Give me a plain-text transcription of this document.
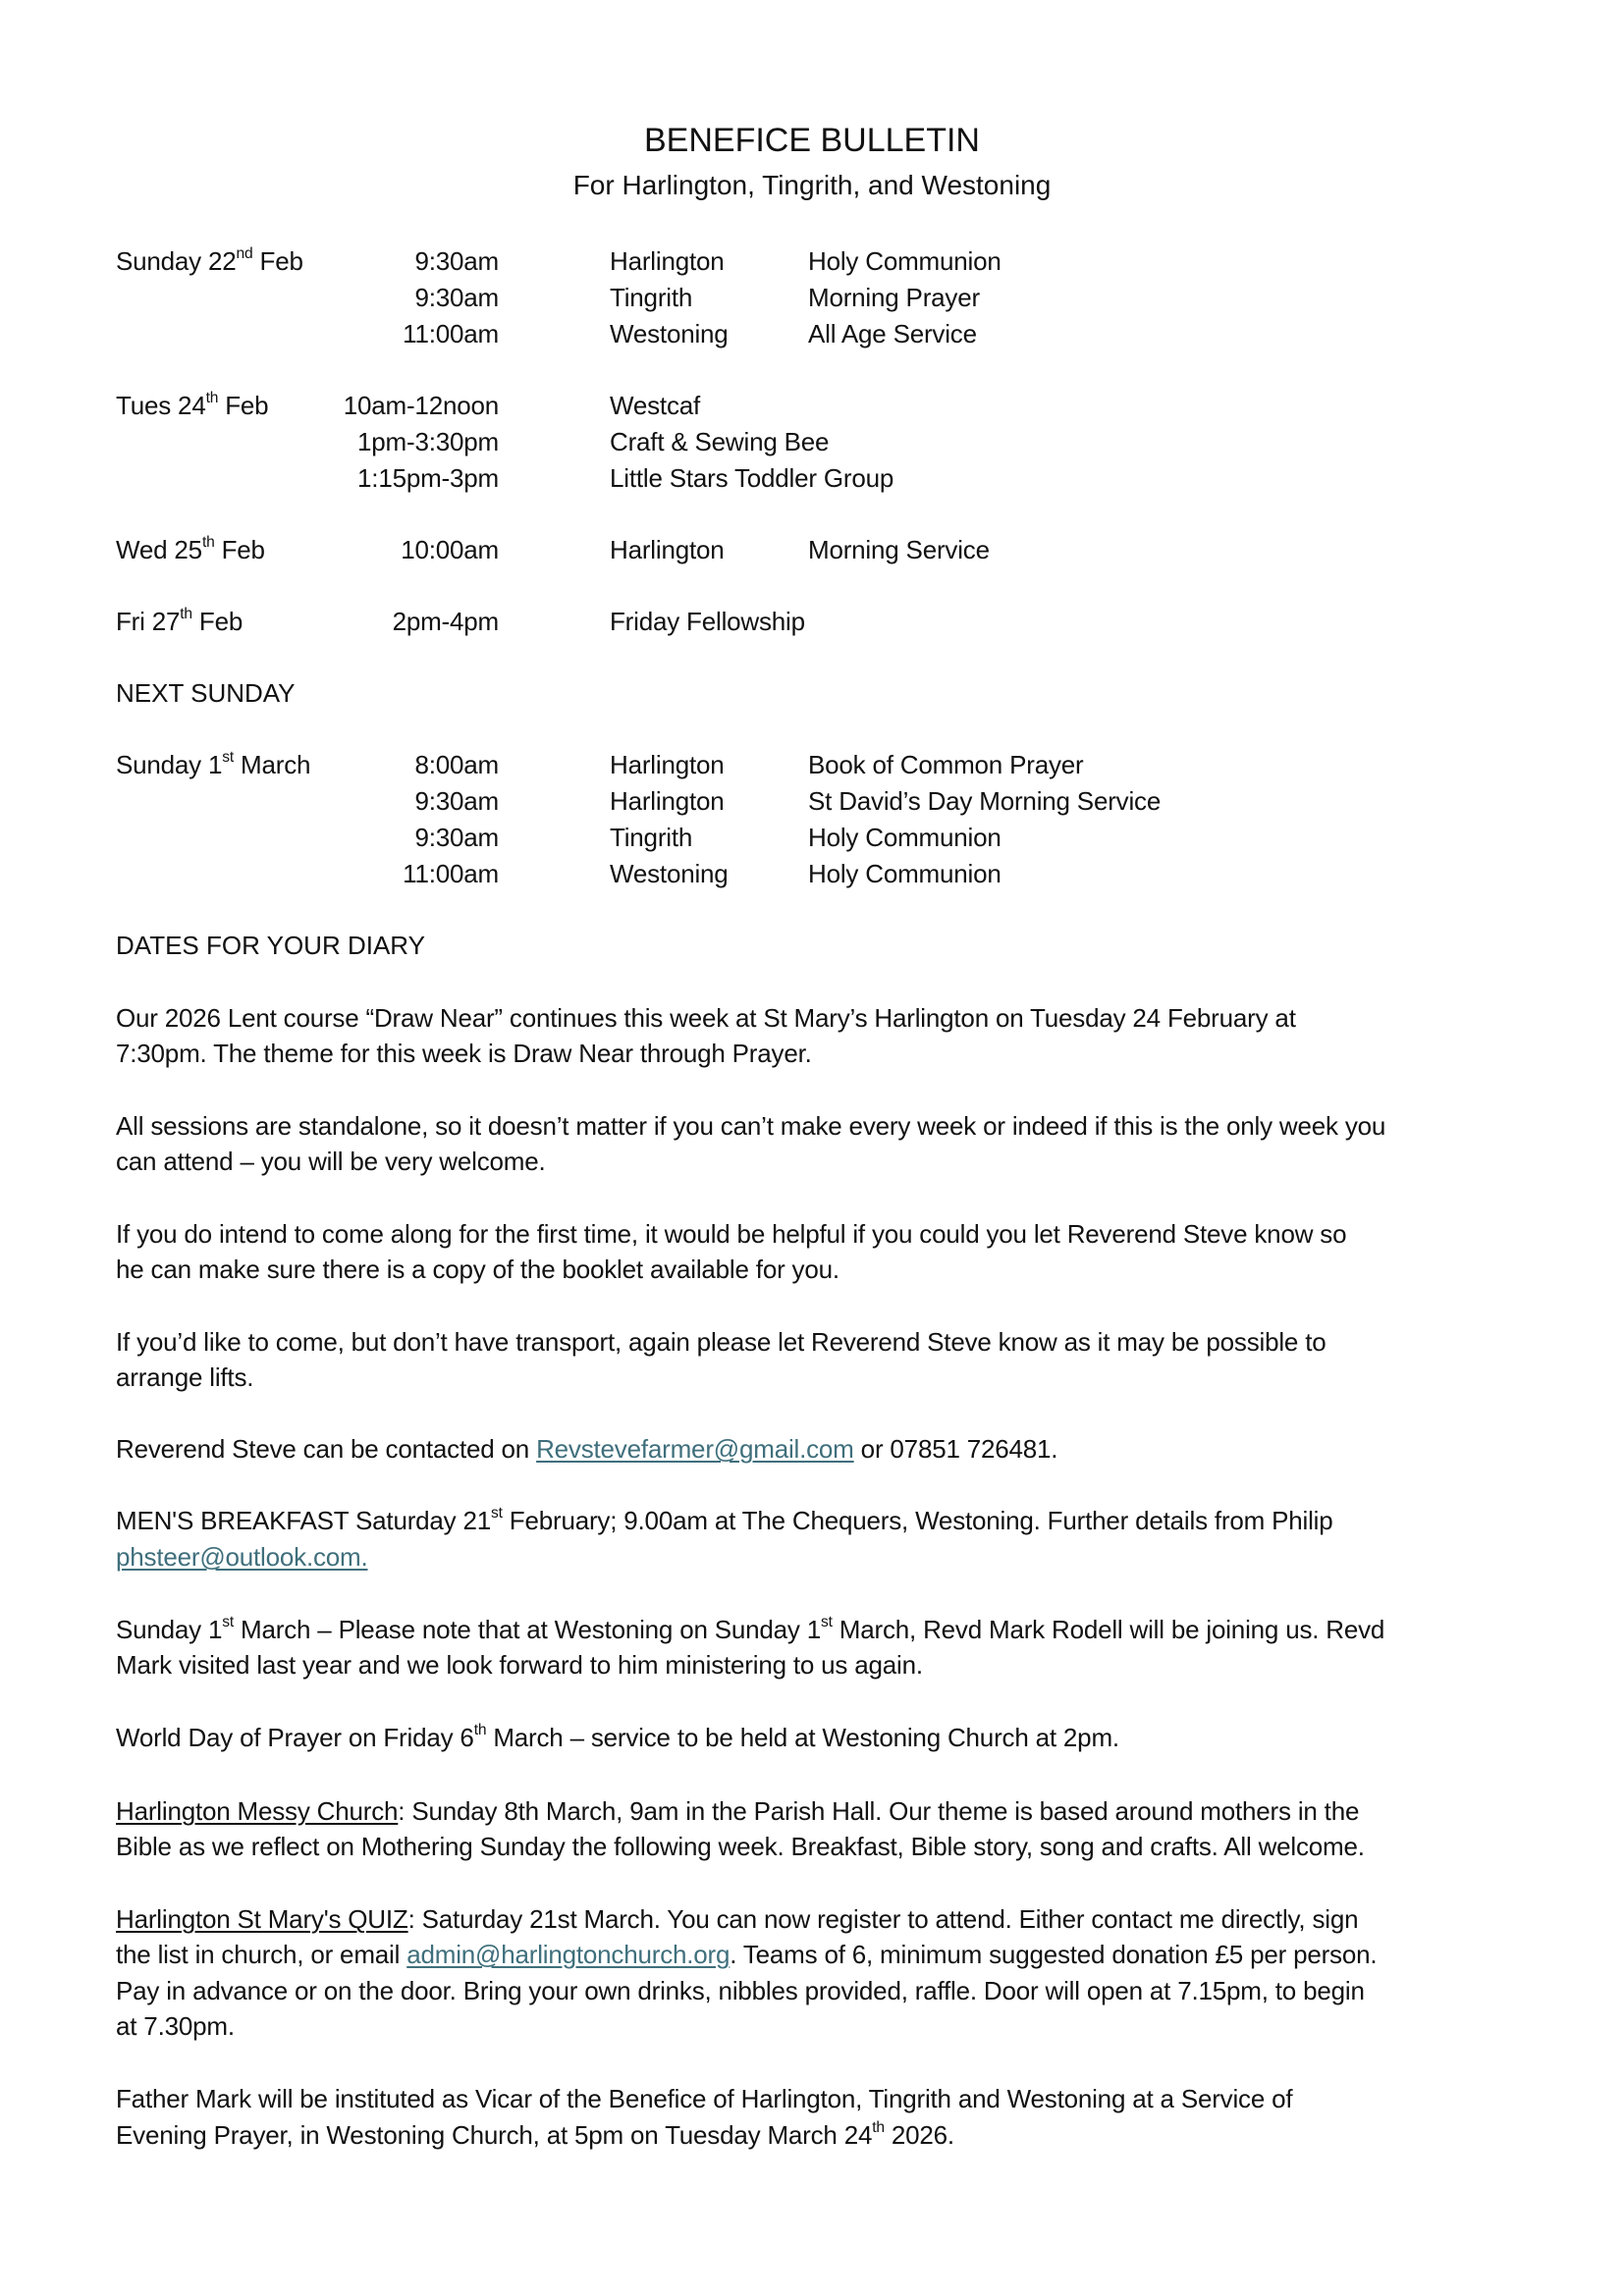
BENEFICE BULLETIN
For Harlington, Tingrith, and Westoning
Sunday 22nd Feb	9:30am	Harlington	Holy Communion
9:30am	Tingrith	Morning Prayer
11:00am	Westoning	All Age Service
Tues 24th Feb	10am-12noon	Westcaf
1pm-3:30pm	Craft & Sewing Bee
1:15pm-3pm	Little Stars Toddler Group
Wed 25th Feb	10:00am	Harlington	Morning Service
Fri 27th Feb	2pm-4pm	Friday Fellowship
NEXT SUNDAY
Sunday 1st March	8:00am	Harlington	Book of Common Prayer
9:30am	Harlington	St David’s Day Morning Service
9:30am	Tingrith	Holy Communion
11:00am	Westoning	Holy Communion
DATES FOR YOUR DIARY
Our 2026 Lent course “Draw Near” continues this week at St Mary’s Harlington on Tuesday 24 February at
7:30pm. The theme for this week is Draw Near through Prayer.
All sessions are standalone, so it doesn’t matter if you can’t make every week or indeed if this is the only week you
can attend – you will be very welcome.
If you do intend to come along for the first time, it would be helpful if you could you let Reverend Steve know so
he can make sure there is a copy of the booklet available for you.
If you’d like to come, but don’t have transport, again please let Reverend Steve know as it may be possible to
arrange lifts.
Reverend Steve can be contacted on Revstevefarmer@gmail.com or 07851 726481.
MEN'S BREAKFAST Saturday 21st February; 9.00am at The Chequers, Westoning. Further details from Philip
phsteer@outlook.com.
Sunday 1st March – Please note that at Westoning on Sunday 1st March, Revd Mark Rodell will be joining us. Revd
Mark visited last year and we look forward to him ministering to us again.
World Day of Prayer on Friday 6th March – service to be held at Westoning Church at 2pm.
Harlington Messy Church: Sunday 8th March, 9am in the Parish Hall. Our theme is based around mothers in the
Bible as we reflect on Mothering Sunday the following week. Breakfast, Bible story, song and crafts. All welcome.
Harlington St Mary's QUIZ: Saturday 21st March. You can now register to attend. Either contact me directly, sign
the list in church, or email admin@harlingtonchurch.org. Teams of 6, minimum suggested donation £5 per person.
Pay in advance or on the door. Bring your own drinks, nibbles provided, raffle. Door will open at 7.15pm, to begin
at 7.30pm.
Father Mark will be instituted as Vicar of the Benefice of Harlington, Tingrith and Westoning at a Service of
Evening Prayer, in Westoning Church, at 5pm on Tuesday March 24th 2026.
